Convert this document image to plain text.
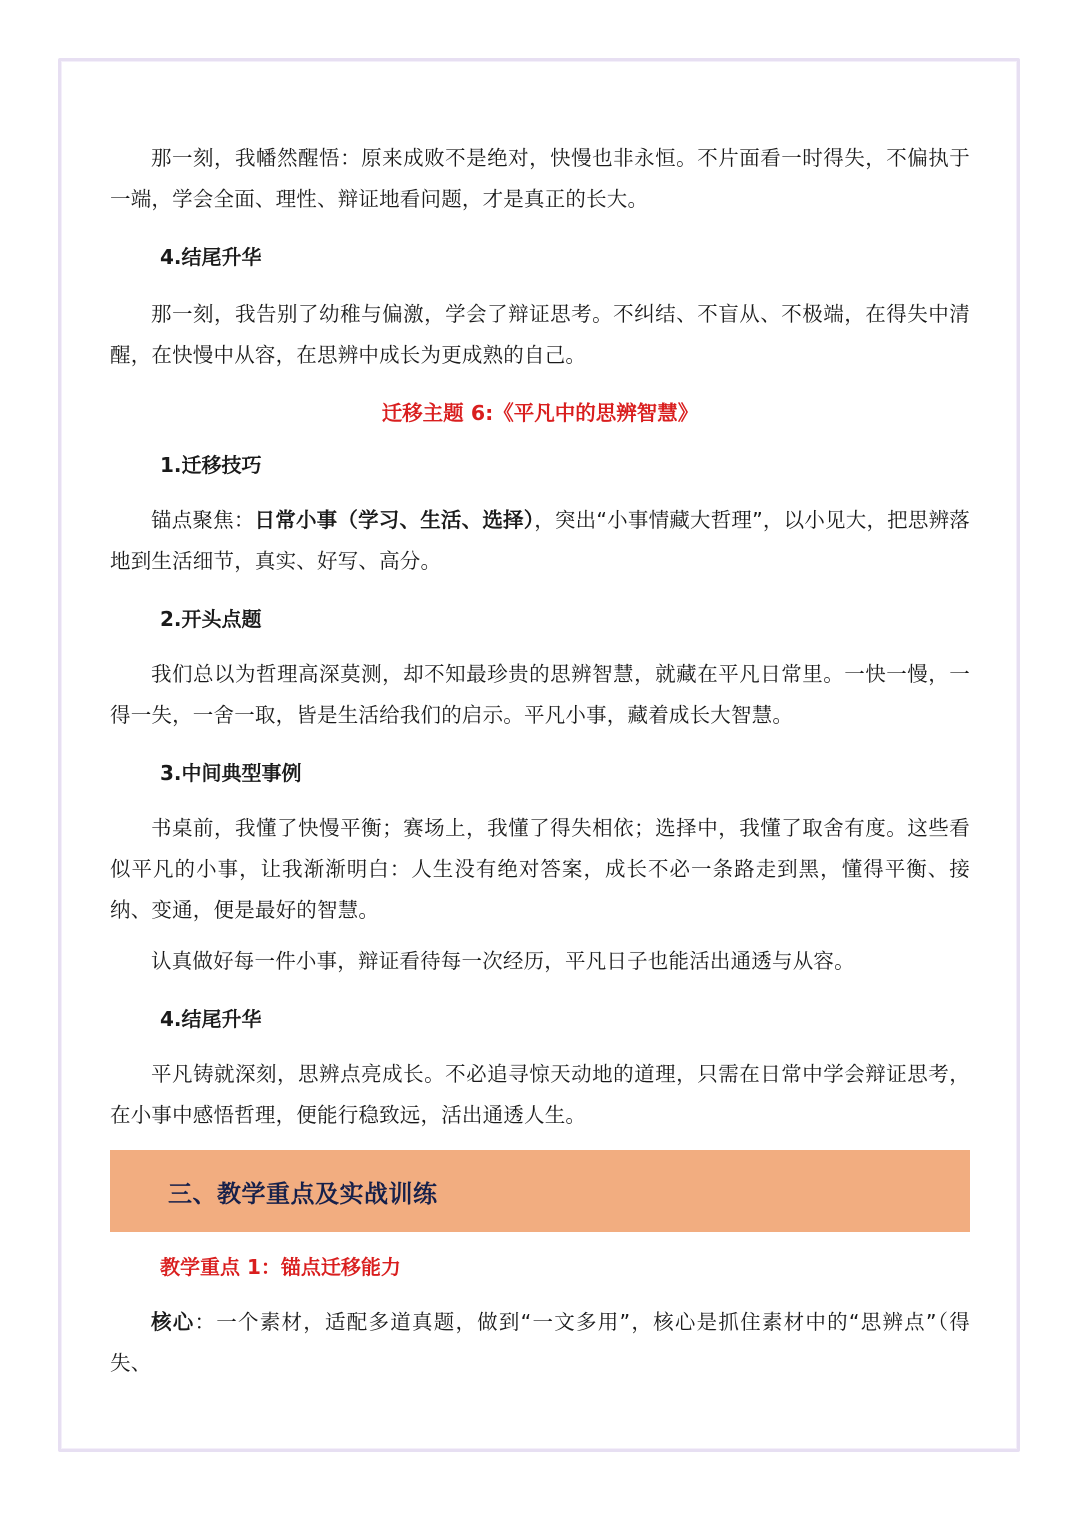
那一刻，我幡然醒悟：原来成败不是绝对，快慢也非永恒。不片面看一时得失，不偏执于一端，学会全面、理性、辩证地看问题，才是真正的长大。

4.结尾升华

那一刻，我告别了幼稚与偏激，学会了辩证思考。不纠结、不盲从、不极端，在得失中清醒，在快慢中从容，在思辨中成长为更成熟的自己。

迁移主题 6:《平凡中的思辨智慧》

1.迁移技巧

锚点聚焦：日常小事（学习、生活、选择），突出“小事情藏大哲理”，以小见大，把思辨落地到生活细节，真实、好写、高分。

2.开头点题

我们总以为哲理高深莫测，却不知最珍贵的思辨智慧，就藏在平凡日常里。一快一慢，一得一失，一舍一取，皆是生活给我们的启示。平凡小事，藏着成长大智慧。

3.中间典型事例

书桌前，我懂了快慢平衡；赛场上，我懂了得失相依；选择中，我懂了取舍有度。这些看似平凡的小事，让我渐渐明白：人生没有绝对答案，成长不必一条路走到黑，懂得平衡、接纳、变通，便是最好的智慧。

认真做好每一件小事，辩证看待每一次经历，平凡日子也能活出通透与从容。

4.结尾升华

平凡铸就深刻，思辨点亮成长。不必追寻惊天动地的道理，只需在日常中学会辩证思考，在小事中感悟哲理，便能行稳致远，活出通透人生。

三、教学重点及实战训练

教学重点 1：锚点迁移能力

核心：一个素材，适配多道真题，做到“一文多用”，核心是抓住素材中的“思辨点”（得失、
